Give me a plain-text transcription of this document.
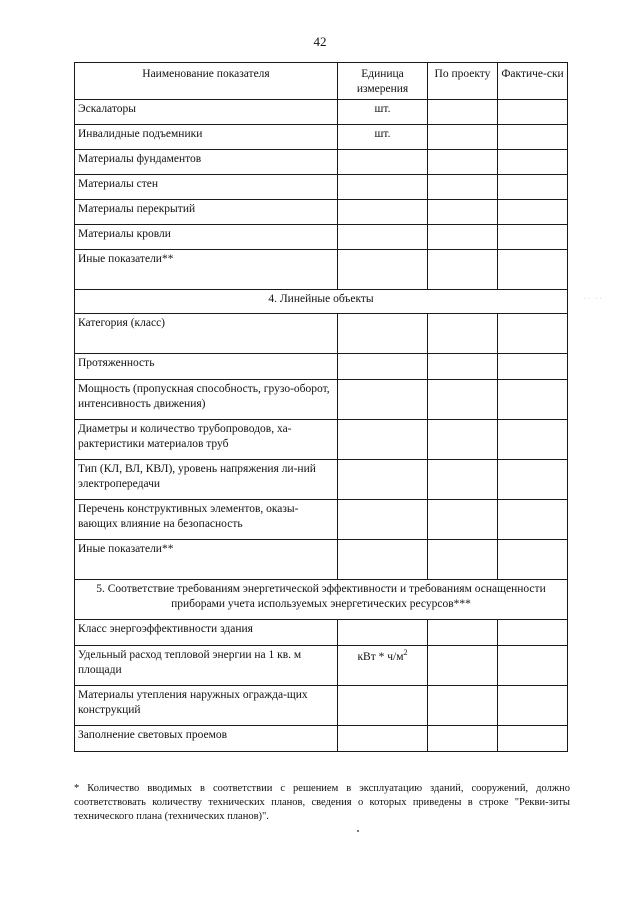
42
·· ··
Наименование показателя	Единица измерения	По проекту	Фактиче-ски
Эскалаторы	шт.		
Инвалидные подъемники	шт.		
Материалы фундаментов			
Материалы стен			
Материалы перекрытий			
Материалы кровли			
Иные показатели**			
4. Линейные объекты			
Категория (класс)			
Протяженность			
Мощность (пропускная способность, грузо-оборот, интенсивность движения)			
Диаметры и количество трубопроводов, ха-рактеристики материалов труб			
Тип (КЛ, ВЛ, КВЛ), уровень напряжения ли-ний электропередачи			
Перечень конструктивных элементов, оказы-вающих влияние на безопасность			
Иные показатели**			
5. Соответствие требованиям энергетической эффективности и требованиям оснащенности приборами учета используемых энергетических ресурсов***			
Класс энергоэффективности здания			
Удельный расход тепловой энергии на 1 кв. м площади	кВт * $ч/м^2$		
Материалы утепления наружных огражда-щих конструкций			
Заполнение световых проемов			
* Количество вводимых в соответствии с решением в эксплуатацию зданий, сооружений, должно соответствовать количеству технических планов, сведения о которых приведены в строке "Рекви-зиты технического плана (технических планов)".
